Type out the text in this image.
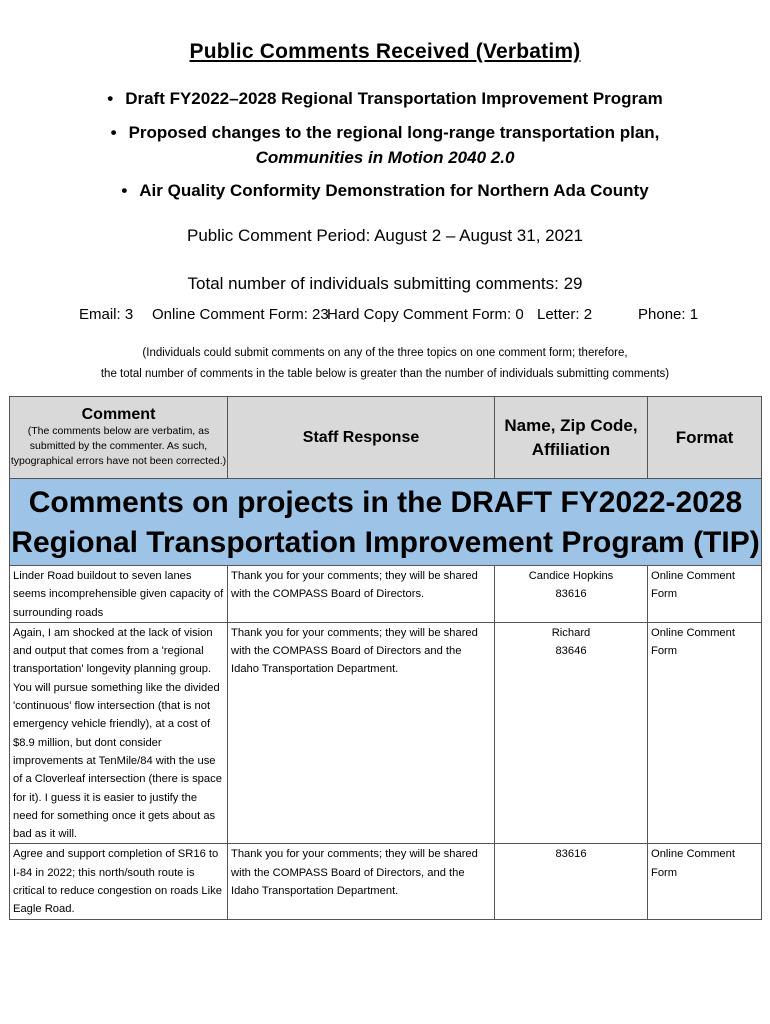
Public Comments Received (Verbatim)
• Draft FY2022–2028 Regional Transportation Improvement Program
• Proposed changes to the regional long-range transportation plan,
Communities in Motion 2040 2.0
• Air Quality Conformity Demonstration for Northern Ada County
Public Comment Period: August 2 – August 31, 2021
Total number of individuals submitting comments: 29
Email: 3 Online Comment Form: 23
Hard Copy Comment Form: 0 Letter: 2	Phone: 1
(Individuals could submit comments on any of the three topics on one comment form; therefore,
the total number of comments in the table below is greater than the number of individuals submitting comments)
Comment
(The comments below are verbatim, as submitted by the commenter. As such, typographical errors have not been corrected.)	Staff Response	Name, Zip Code, Affiliation	Format

Comments on projects in the DRAFT FY2022-2028 Regional Transportation Improvement Program (TIP)			
Linder Road buildout to seven lanes seems incomprehensible given capacity of surrounding roads	Thank you for your comments; they will be shared with the COMPASS Board of Directors.	Candice Hopkins
83616	Online Comment Form
Again, I am shocked at the lack of vision and output that comes from a 'regional transportation' longevity planning group. You will pursue something like the divided 'continuous' flow intersection (that is not emergency vehicle friendly), at a cost of $8.9 million, but dont consider improvements at TenMile/84 with the use of a Cloverleaf intersection (there is space for it). I guess it is easier to justify the need for something once it gets about as bad as it will.	Thank you for your comments; they will be shared with the COMPASS Board of Directors and the Idaho Transportation Department.	Richard
83646	Online Comment Form
Agree and support completion of SR16 to I-84 in 2022; this north/south route is critical to reduce congestion on roads Like Eagle Road.	Thank you for your comments; they will be shared with the COMPASS Board of Directors, and the Idaho Transportation Department.	83616	Online Comment Form
